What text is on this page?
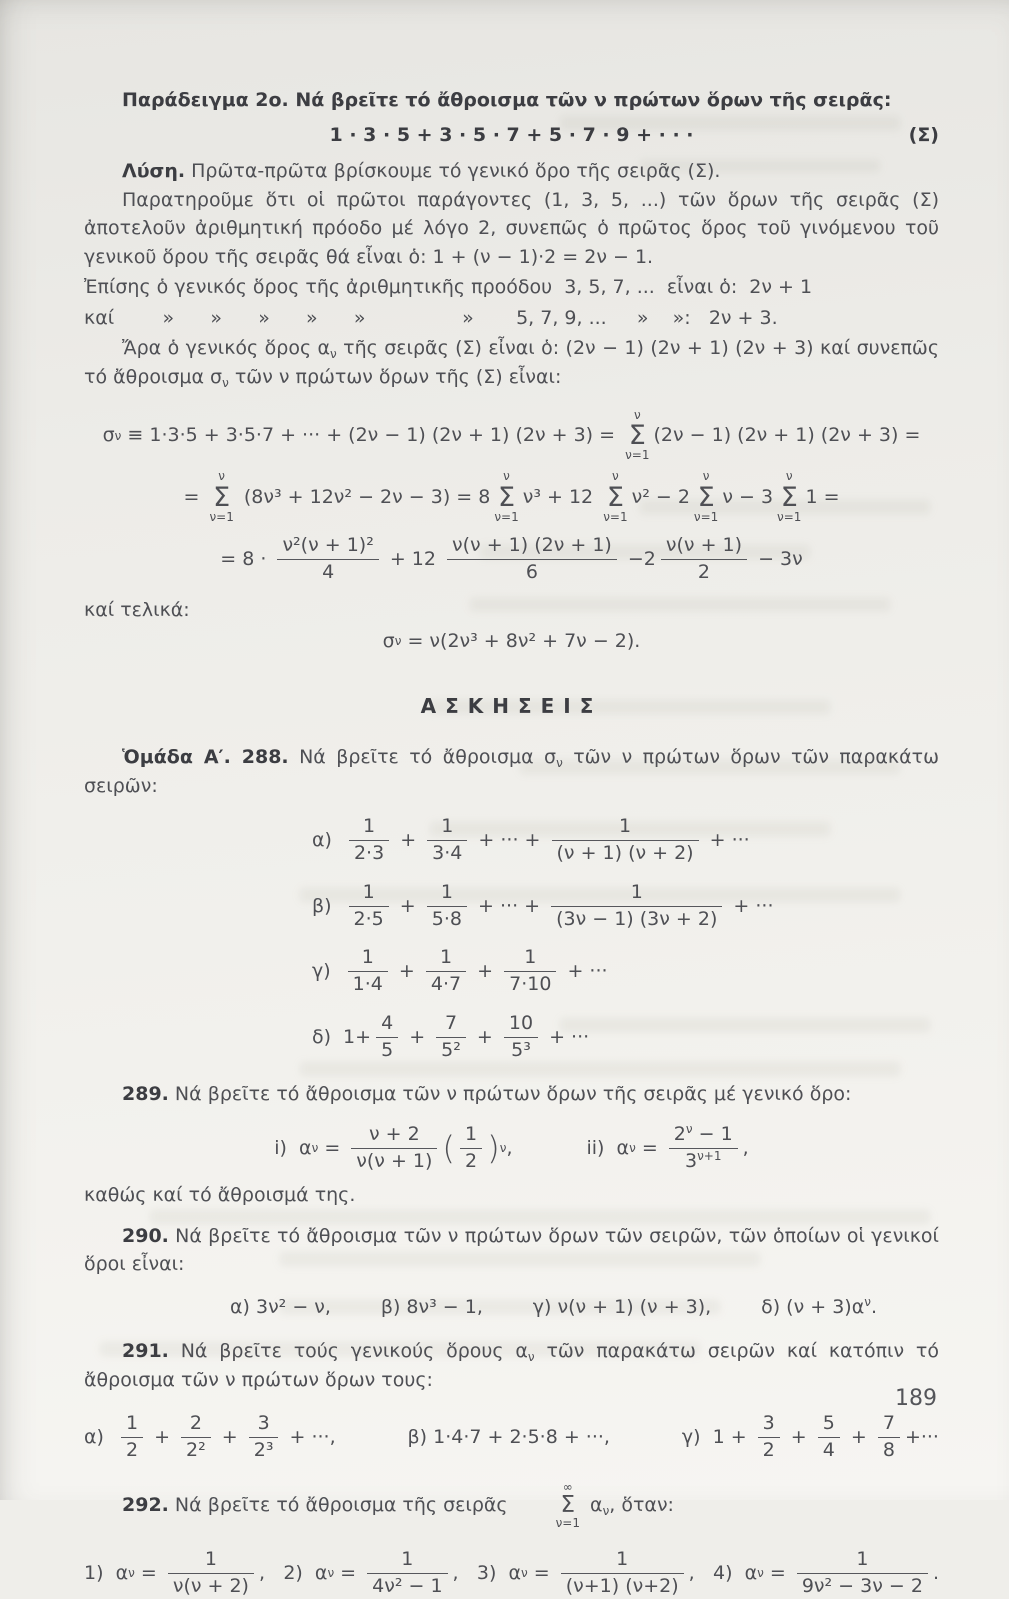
Παράδειγμα 2ο. Νά βρεῖτε τό ἄθροισμα τῶν ν πρώτων ὅρων τῆς σειρᾶς:

1 · 3 · 5 + 3 · 5 · 7 + 5 · 7 · 9 + · · ·	(Σ)

Λύση. Πρῶτα-πρῶτα βρίσκουμε τό γενικό ὅρο τῆς σειρᾶς (Σ).

Παρατηροῦμε ὅτι οἱ πρῶτοι παράγοντες (1, 3, 5, ...) τῶν ὅρων τῆς σειρᾶς (Σ) ἀποτελοῦν ἀριθμητική πρόοδο μέ λόγο 2, συνεπῶς ὁ πρῶτος ὅρος τοῦ γινόμενου τοῦ γενικοῦ ὅρου τῆς σειρᾶς θά εἶναι ὁ: 1 + (ν − 1)·2 = 2ν − 1.

Ἐπίσης ὁ γενικός ὅρος τῆς ἀριθμητικῆς προόδου  3, 5, 7, ...  εἶναι ὁ:  2ν + 1

καί        »      »      »      »      »                »       5, 7, 9, ...     »    »:   2ν + 3.

Ἄρα ὁ γενικός ὅρος $\alpha_\nu$ τῆς σειρᾶς (Σ) εἶναι ὁ: (2ν − 1) (2ν + 1) (2ν + 3) καί συνεπῶς τό ἄθροισμα $\sigma_\nu$ τῶν ν πρώτων ὅρων τῆς (Σ) εἶναι:

σ ν ≡ 1·3·5 + 3·5·7 + ··· + (2ν − 1) (2ν + 1) (2ν + 3) =
ν
Σ
ν=1
(2ν − 1) (2ν + 1) (2ν + 3) =
=
ν
Σ
ν=1
(8ν³ + 12ν² − 2ν − 3) = 8
ν
Σ
ν=1
ν³ + 12
ν
Σ
ν=1
ν² − 2
ν
Σ
ν=1
ν − 3
ν
Σ
ν=1
1 =
= $8 \cdot \frac{\text{ν²(ν + 1)²}}{4} + 12 \frac{\nu(\nu + 1) (2\nu + 1)}{6} -2 \frac{\nu(\nu + 1)}{2} - 3\nu$

καί τελικά:

σ ν = ν(2ν³ + 8ν² + 7ν − 2).

ΑΣΚΗΣΕΙΣ

Ὁμάδα Α′. 288. Νά βρεῖτε τό ἄθροισμα $\sigma_\nu$ τῶν ν πρώτων ὅρων τῶν παρακάτω σειρῶν:

$\alpha) \frac{1}{2\cdot 3} + \frac{1}{3\cdot 4}$ + ··· + $\frac{1}{(\nu + 1) (\nu + 2)}$ + ···
$\beta) \frac{1}{2\cdot 5} + \frac{1}{5\cdot 8}$ + ··· + $\frac{1}{(3\nu - 1) (3\nu + 2)}$ + ···
$\gamma) \frac{1}{1\cdot 4} + \frac{1}{4\cdot 7} + \frac{1}{7\cdot 10}$ + ···
δ) $1+ \frac{4}{5} + \frac{7}{\text{5²}} + \frac{10}{\text{5³}}$ + ···

289. Νά βρεῖτε τό ἄθροισμα τῶν ν πρώτων ὅρων τῆς σειρᾶς μέ γενικό ὅρο:

i) α $\nu = \frac{\nu + 2}{\nu(\nu + 1)}$ ( $\frac{1}{2}$ ) ν ,	ii) α $\nu = \frac{2^\nu - 1}{3^{\nu+1}}$ ,

καθώς καί τό ἄθροισμά της.

290. Νά βρεῖτε τό ἄθροισμα τῶν ν πρώτων ὅρων τῶν σειρῶν, τῶν ὁποίων οἱ γενικοί ὅροι εἶναι:

α) 3ν² − ν,	β) 8ν³ − 1,	γ) ν(ν + 1) (ν + 3),	δ) $(\nu + 3)\alpha^\nu$.

291. Νά βρεῖτε τούς γενικούς ὅρους $\alpha_\nu$ τῶν παρακάτω σειρῶν καί κατόπιν τό ἄθροισμα τῶν ν πρώτων ὅρων τους:

$\alpha) \frac{1}{2} + \frac{2}{\text{2²}} + \frac{3}{\text{2³}}$ + ···,	β) 1·4·7 + 2·5·8 + ···,	γ) $1 + \frac{3}{2} + \frac{5}{4} + \frac{7}{8}$ +···

292. Νά βρεῖτε τό ἄθροισμα τῆς σειρᾶς
∞
Σ
ν=1
$\alpha_\nu$, ὅταν:

1) α $\nu = \frac{1}{\nu(\nu + 2)}$ , 2) α $\nu = \frac{1}{\text{4ν² − 1}}$ , 3) α $\nu = \frac{1}{(\nu+1) (\nu+2)}$ , 4) α $\nu = \frac{1}{\text{9ν² − 3ν − 2}}$ .
189
